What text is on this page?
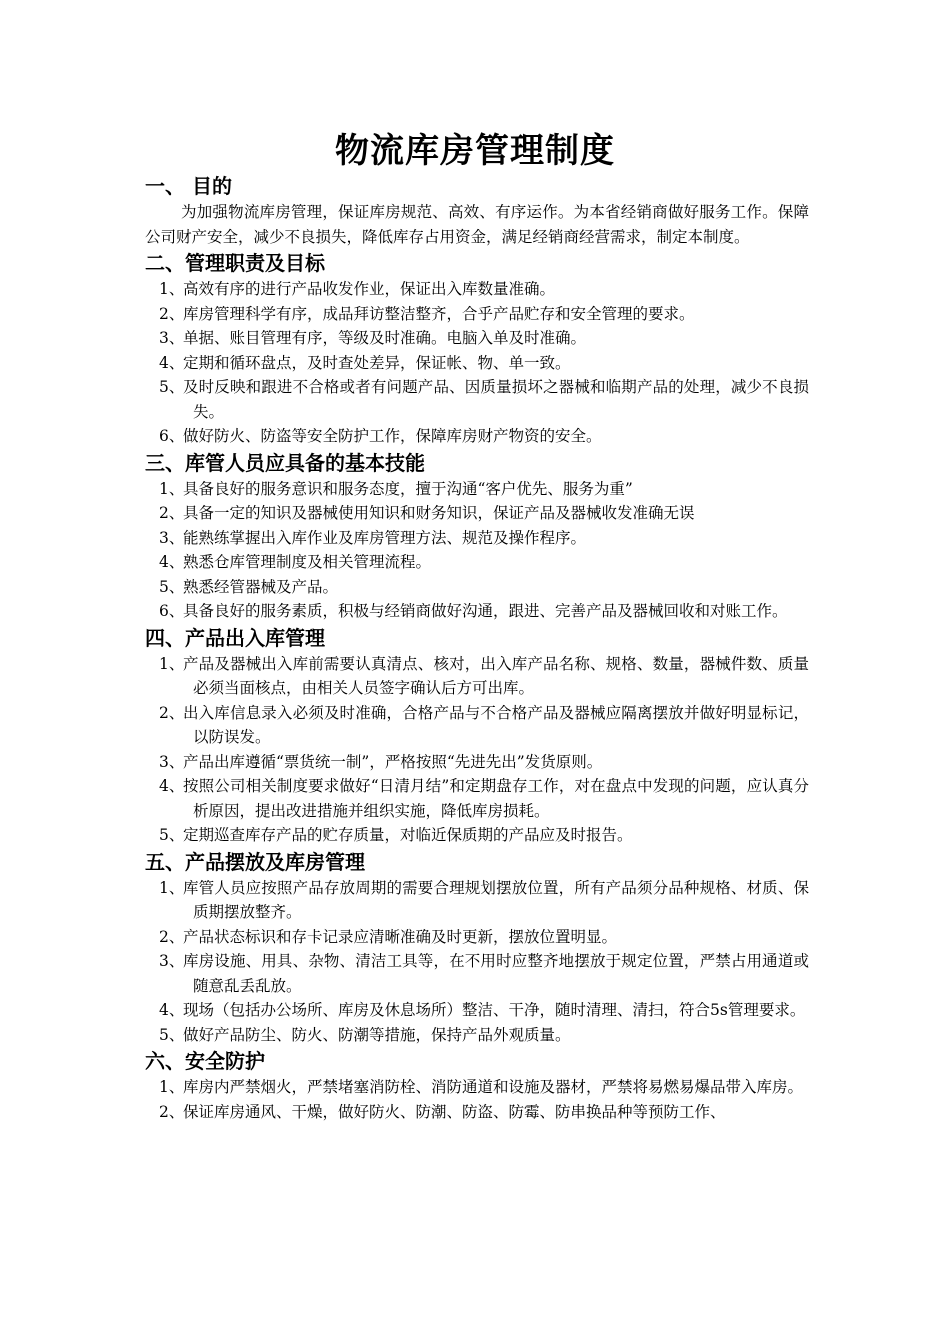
物流库房管理制度
一、 目的
为加强物流库房管理，保证库房规范、高效、有序运作。为本省经销商做好服务工作。保障公司财产安全，减少不良损失，降低库存占用资金，满足经销商经营需求，制定本制度。
二、管理职责及目标
1、
高效有序的进行产品收发作业，保证出入库数量准确。
2、
库房管理科学有序，成品拜访整洁整齐，合乎产品贮存和安全管理的要求。
3、
单据、账目管理有序，等级及时准确。电脑入单及时准确。
4、
定期和循环盘点，及时查处差异，保证帐、物、单一致。
5、
及时反映和跟进不合格或者有问题产品、因质量损坏之器械和临期产品的处理，减少不良损失。
6、
做好防火、防盗等安全防护工作，保障库房财产物资的安全。
三、库管人员应具备的基本技能
1、
具备良好的服务意识和服务态度，擅于沟通“客户优先、服务为重”
2、
具备一定的知识及器械使用知识和财务知识，保证产品及器械收发准确无误
3、
能熟练掌握出入库作业及库房管理方法、规范及操作程序。
4、
熟悉仓库管理制度及相关管理流程。
5、
熟悉经管器械及产品。
6、
具备良好的服务素质，积极与经销商做好沟通，跟进、完善产品及器械回收和对账工作。
四、产品出入库管理
1、
产品及器械出入库前需要认真清点、核对，出入库产品名称、规格、数量，器械件数、质量必须当面核点，由相关人员签字确认后方可出库。
2、
出入库信息录入必须及时准确，合格产品与不合格产品及器械应隔离摆放并做好明显标记，以防误发。
3、
产品出库遵循“票货统一制”，严格按照“先进先出”发货原则。
4、
按照公司相关制度要求做好“日清月结”和定期盘存工作，对在盘点中发现的问题，应认真分析原因，提出改进措施并组织实施，降低库房损耗。
5、
定期巡查库存产品的贮存质量，对临近保质期的产品应及时报告。
五、产品摆放及库房管理
1、
库管人员应按照产品存放周期的需要合理规划摆放位置，所有产品须分品种规格、材质、保质期摆放整齐。
2、
产品状态标识和存卡记录应清晰准确及时更新，摆放位置明显。
3、
库房设施、用具、杂物、清洁工具等，在不用时应整齐地摆放于规定位置，严禁占用通道或随意乱丢乱放。
4、
现场（包括办公场所、库房及休息场所）整洁、干净，随时清理、清扫，符合5s管理要求。
5、
做好产品防尘、防火、防潮等措施，保持产品外观质量。
六、安全防护
1、
库房内严禁烟火，严禁堵塞消防栓、消防通道和设施及器材，严禁将易燃易爆品带入库房。
2、
保证库房通风、干燥，做好防火、防潮、防盗、防霉、防串换品种等预防工作、
